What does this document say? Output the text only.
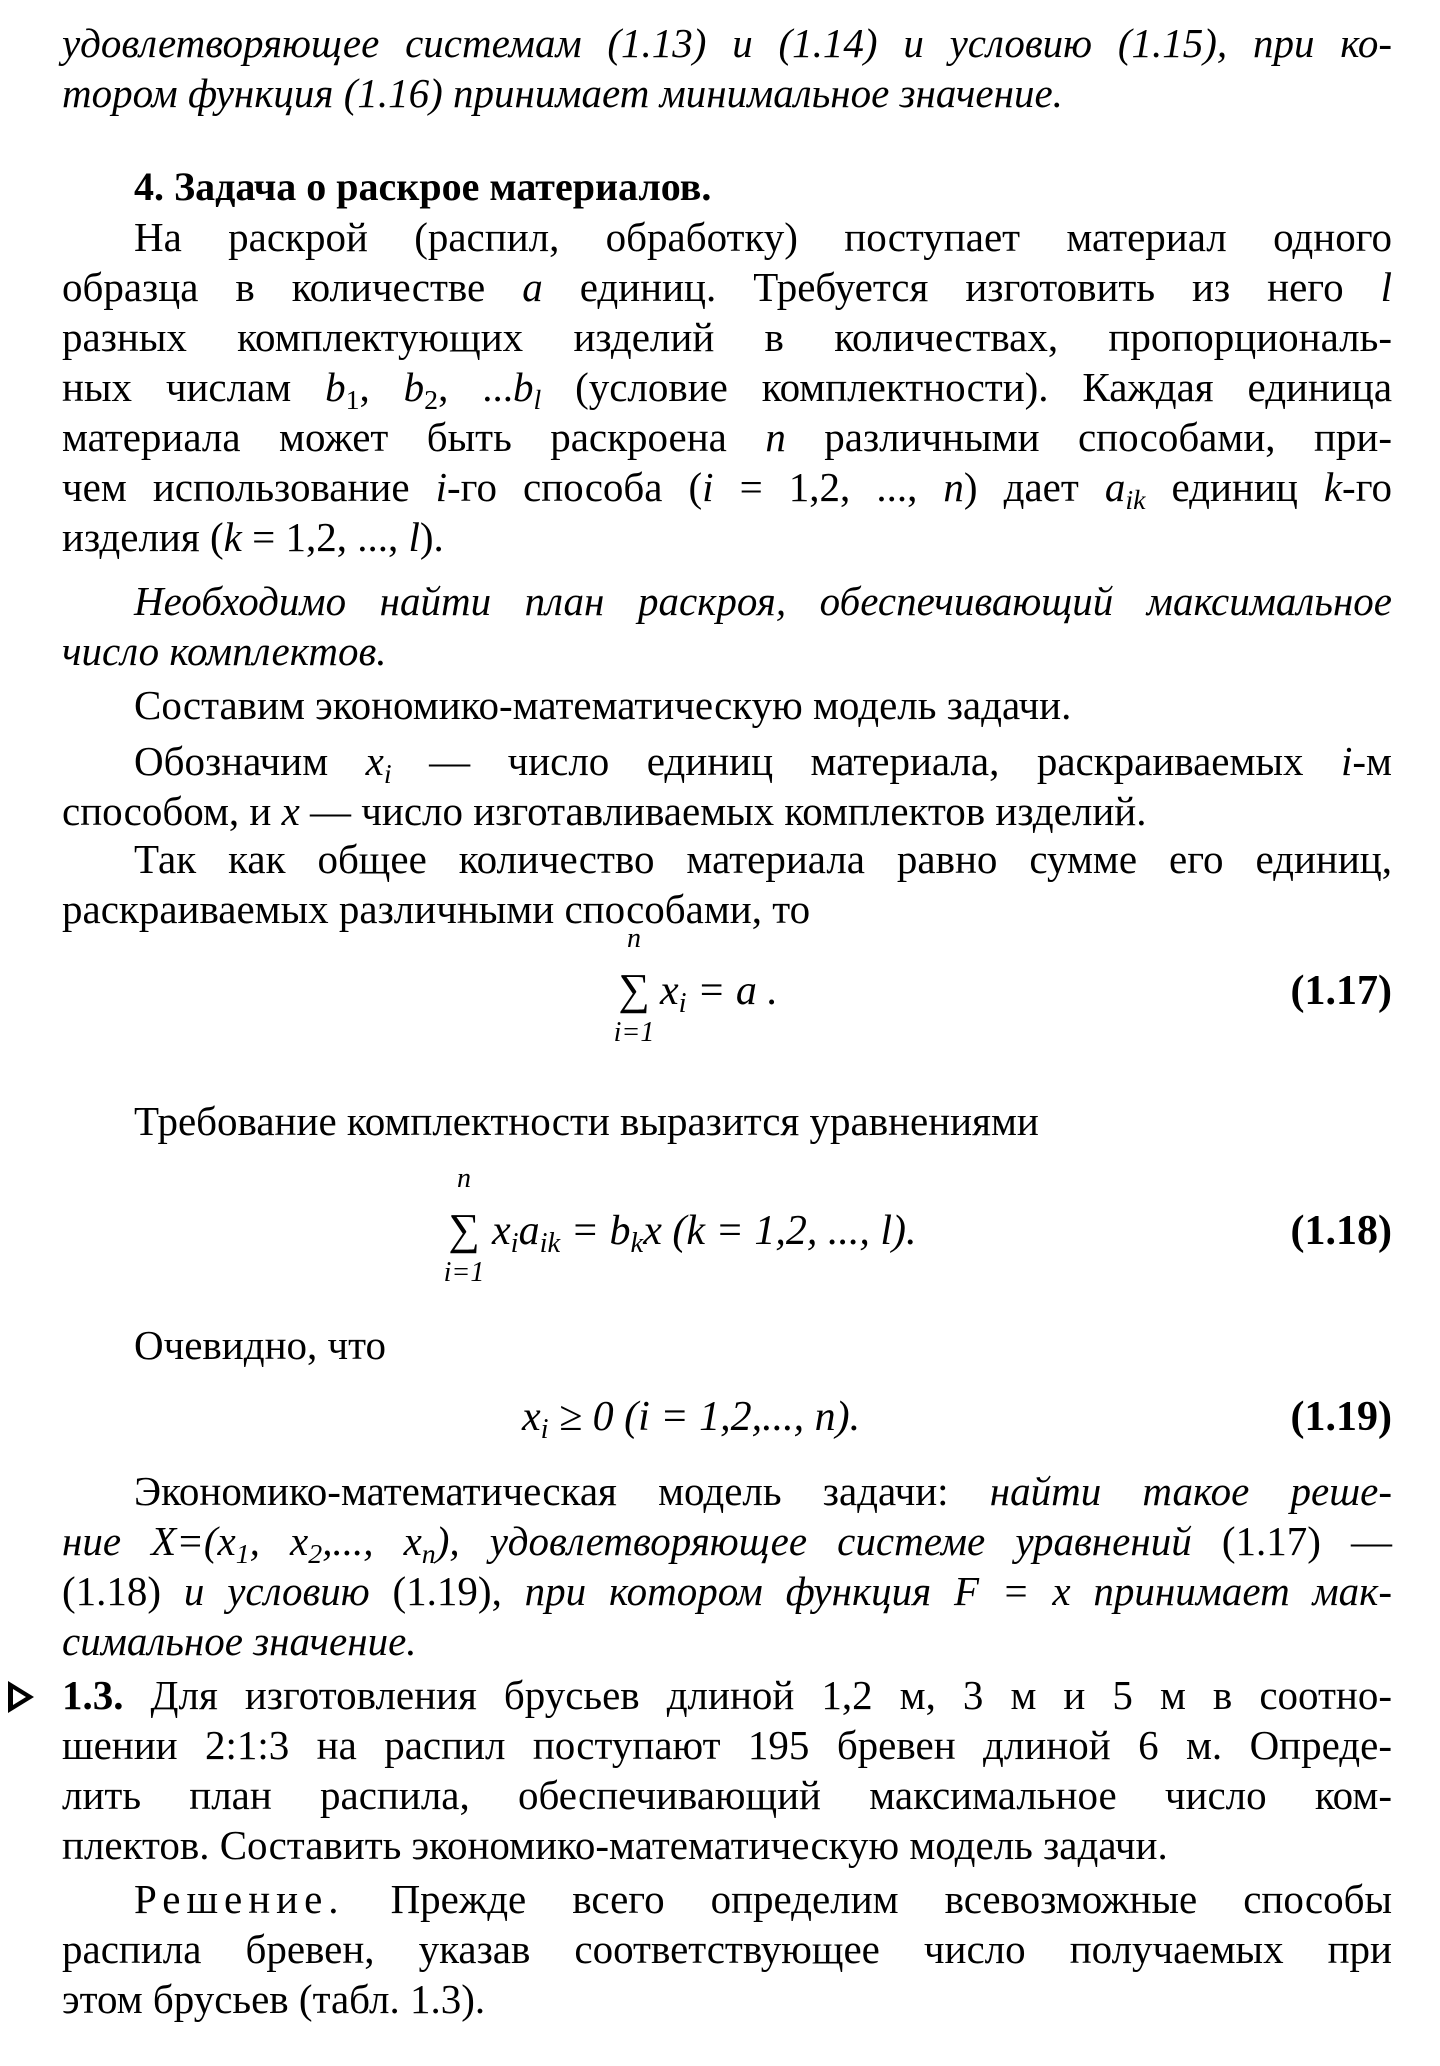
удовлетворяющее системам (1.13) и (1.14) и условию (1.15), при ко-
тором функция (1.16) принимает минимальное значение.
4. Задача о раскрое материалов.
На раскрой (распил, обработку) поступает материал одного
образца в количестве a единиц. Требуется изготовить из него l
разных комплектующих изделий в количествах, пропорциональ-
ных числам $b_1$, $b_2$, $...b_l$ (условие комплектности). Каждая единица
материала может быть раскроена n различными способами, при-
чем использование i-го способа (i = 1,2, ..., n) дает $a_{ik}$ единиц k-го
изделия (k = 1,2, ..., l).
Необходимо найти план раскроя, обеспечивающий максимальное
число комплектов.
Составим экономико-математическую модель задачи.
Обозначим $x_i$ — число единиц материала, раскраиваемых i-м
способом, и x — число изготавливаемых комплектов изделий.
Так как общее количество материала равно сумме его единиц,
раскраиваемых различными способами, то
n
∑
i=1
$x_i = a$ .	(1.17)
Требование комплектности выразится уравнениями
n
∑
i=1
$x_ia_{ik} = b_kx$ (k = 1,2, ..., l).	(1.18)
Очевидно, что
$x_i \ge 0$ (i = 1,2,..., n).	(1.19)
Экономико-математическая модель задачи: найти такое реше-
ние $X=(x_1$, $x_2$,..., $x_n$), удовлетворяющее системе уравнений (1.17) —
(1.18) и условию (1.19), при котором функция F = x принимает мак-
симальное значение.
1.3. Для изготовления брусьев длиной 1,2 м, 3 м и 5 м в соотно-
шении 2:1:3 на распил поступают 195 бревен длиной 6 м. Опреде-
лить план распила, обеспечивающий максимальное число ком-
плектов. Составить экономико-математическую модель задачи.
Решение. Прежде всего определим всевозможные способы
распила бревен, указав соответствующее число получаемых при
этом брусьев (табл. 1.3).
